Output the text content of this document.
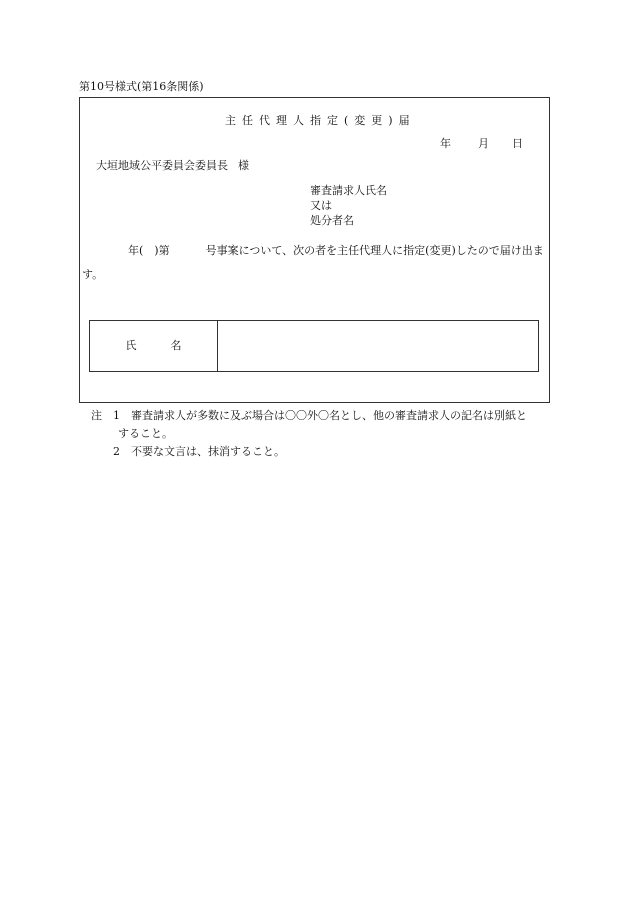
第10号様式(第16条関係)
主任代理人指定(変更)届
年 月 日
大垣地域公平委員会委員長 様
審査請求人氏名
又は
処分者名
年(　)第	号事案について、次の者を主任代理人に指定(変更)したので届け出ます。
氏名
注 1 審査請求人が多数に及ぶ場合は〇〇外〇名とし、他の審査請求人の記名は別紙と
すること。
2 不要な文言は、抹消すること。
